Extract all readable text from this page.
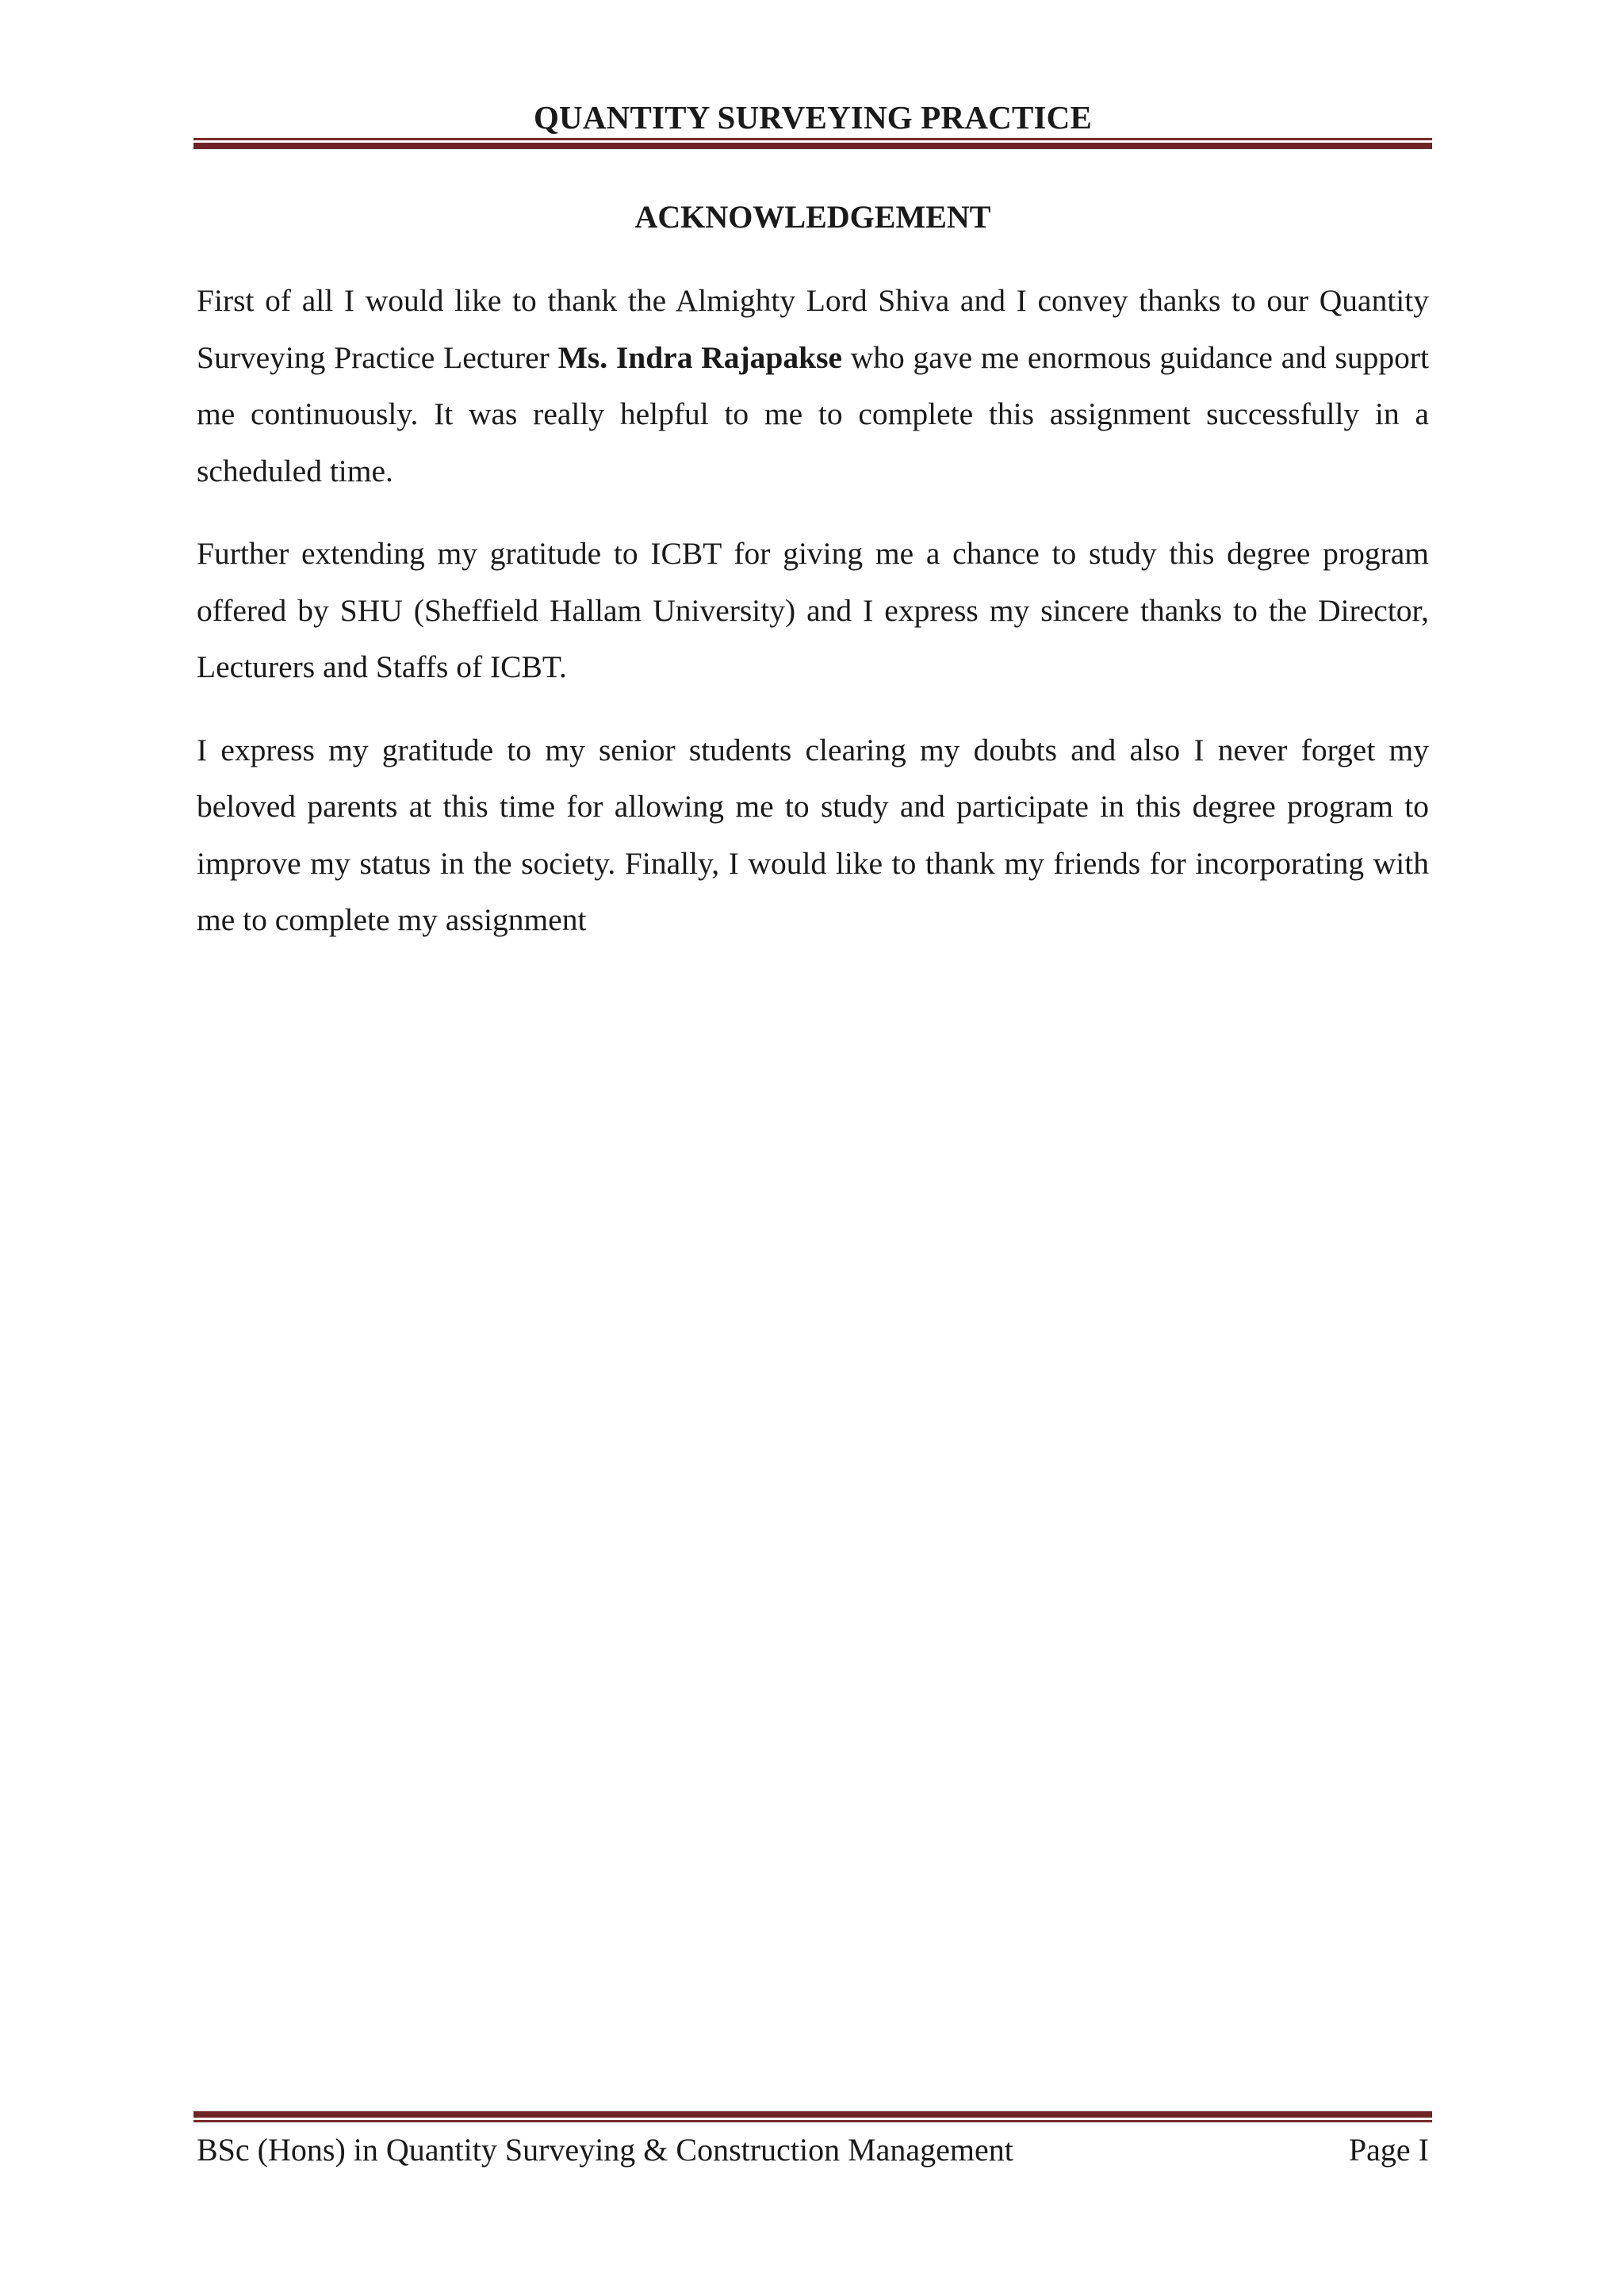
QUANTITY SURVEYING PRACTICE
ACKNOWLEDGEMENT

First of all I would like to thank the Almighty Lord Shiva and I convey thanks to our Quantity Surveying Practice Lecturer Ms. Indra Rajapakse who gave me enormous guidance and support me continuously. It was really helpful to me to complete this assignment successfully in a scheduled time.

Further extending my gratitude to ICBT for giving me a chance to study this degree program offered by SHU (Sheffield Hallam University) and I express my sincere thanks to the Director, Lecturers and Staffs of ICBT.

I express my gratitude to my senior students clearing my doubts and also I never forget my beloved parents at this time for allowing me to study and participate in this degree program to improve my status in the society. Finally, I would like to thank my friends for incorporating with me to complete my assignment

BSc (Hons) in Quantity Surveying & Construction Management	Page I
